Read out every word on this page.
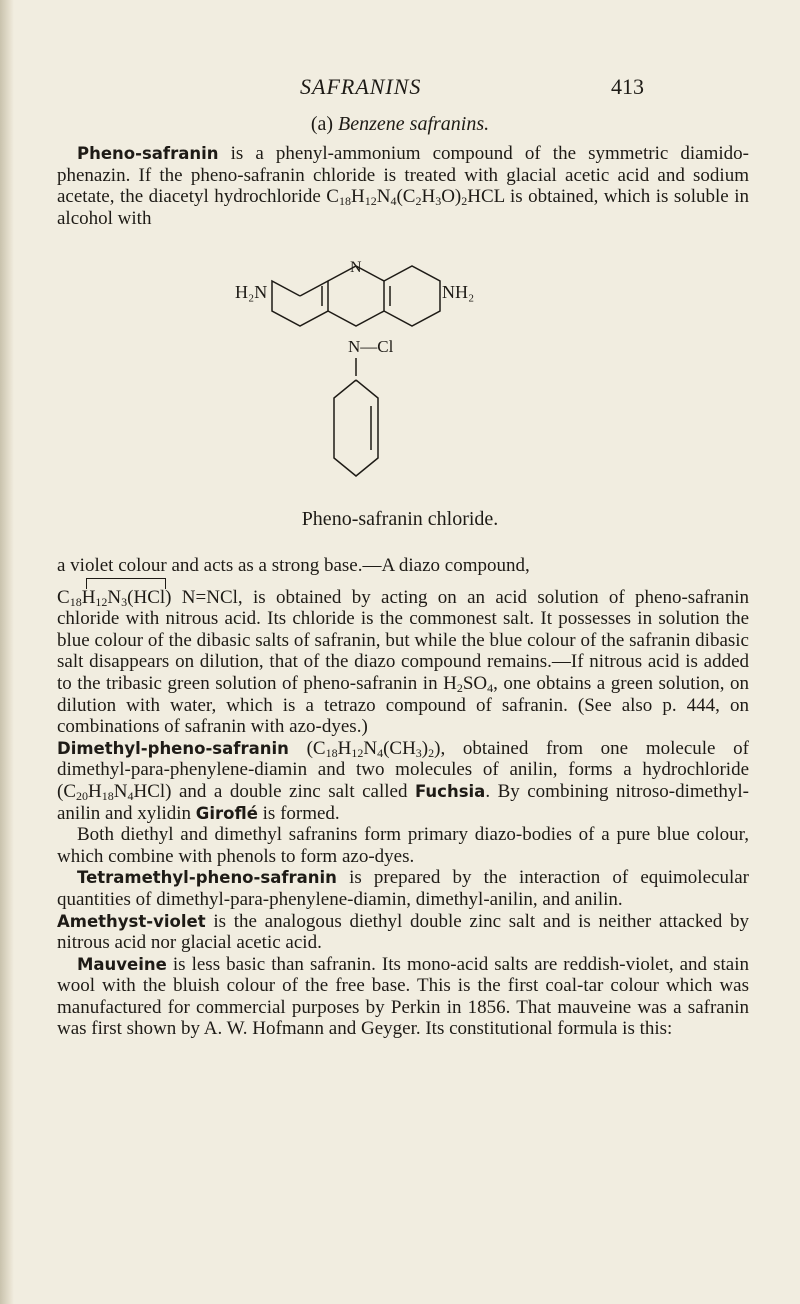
SAFRANINS	413
(a) Benzene safranins.

Pheno-safranin is a phenyl-ammonium compound of the symmetric diamido-phenazin. If the pheno-safranin chloride is treated with glacial acetic acid and sodium acetate, the diacetyl hydrochloride $C_{18}H_{12}N_4(C_2H_3O)_2HCL$ is obtained, which is soluble in alcohol with

H₂N	NH₂
N
N—Cl
Pheno-safranin chloride.

a violet colour and acts as a strong base.—A diazo compound,

$C_{18}H_{12}N_3(HCl)$ N=NCl, is obtained by acting on an acid solution of pheno-safranin chloride with nitrous acid. Its chloride is the commonest salt. It possesses in solution the blue colour of the dibasic salts of safranin, but while the blue colour of the safranin dibasic salt disappears on dilution, that of the diazo compound remains.—If nitrous acid is added to the tribasic green solution of pheno-safranin in $H_2SO_4$, one obtains a green solution, on dilution with water, which is a tetrazo compound of safranin. (See also p. 444, on combinations of safranin with azo-dyes.)

Dimethyl-pheno-safranin $(C_{18}H_{12}N_4(CH_3)_2)$, obtained from one molecule of dimethyl-para-phenylene-diamin and two molecules of anilin, forms a hydrochloride $(C_{20}H_{18}N_4HCl)$ and a double zinc salt called Fuchsia. By combining nitroso-dimethyl-anilin and xylidin Giroflé is formed.

Both diethyl and dimethyl safranins form primary diazo-bodies of a pure blue colour, which combine with phenols to form azo-dyes.

Tetramethyl-pheno-safranin is prepared by the interaction of equimolecular quantities of dimethyl-para-phenylene-diamin, dimethyl-anilin, and anilin.

Amethyst-violet is the analogous diethyl double zinc salt and is neither attacked by nitrous acid nor glacial acetic acid.

Mauveine is less basic than safranin. Its mono-acid salts are reddish-violet, and stain wool with the bluish colour of the free base. This is the first coal-tar colour which was manufactured for commercial purposes by Perkin in 1856. That mauveine was a safranin was first shown by A. W. Hofmann and Geyger. Its constitutional formula is this:
